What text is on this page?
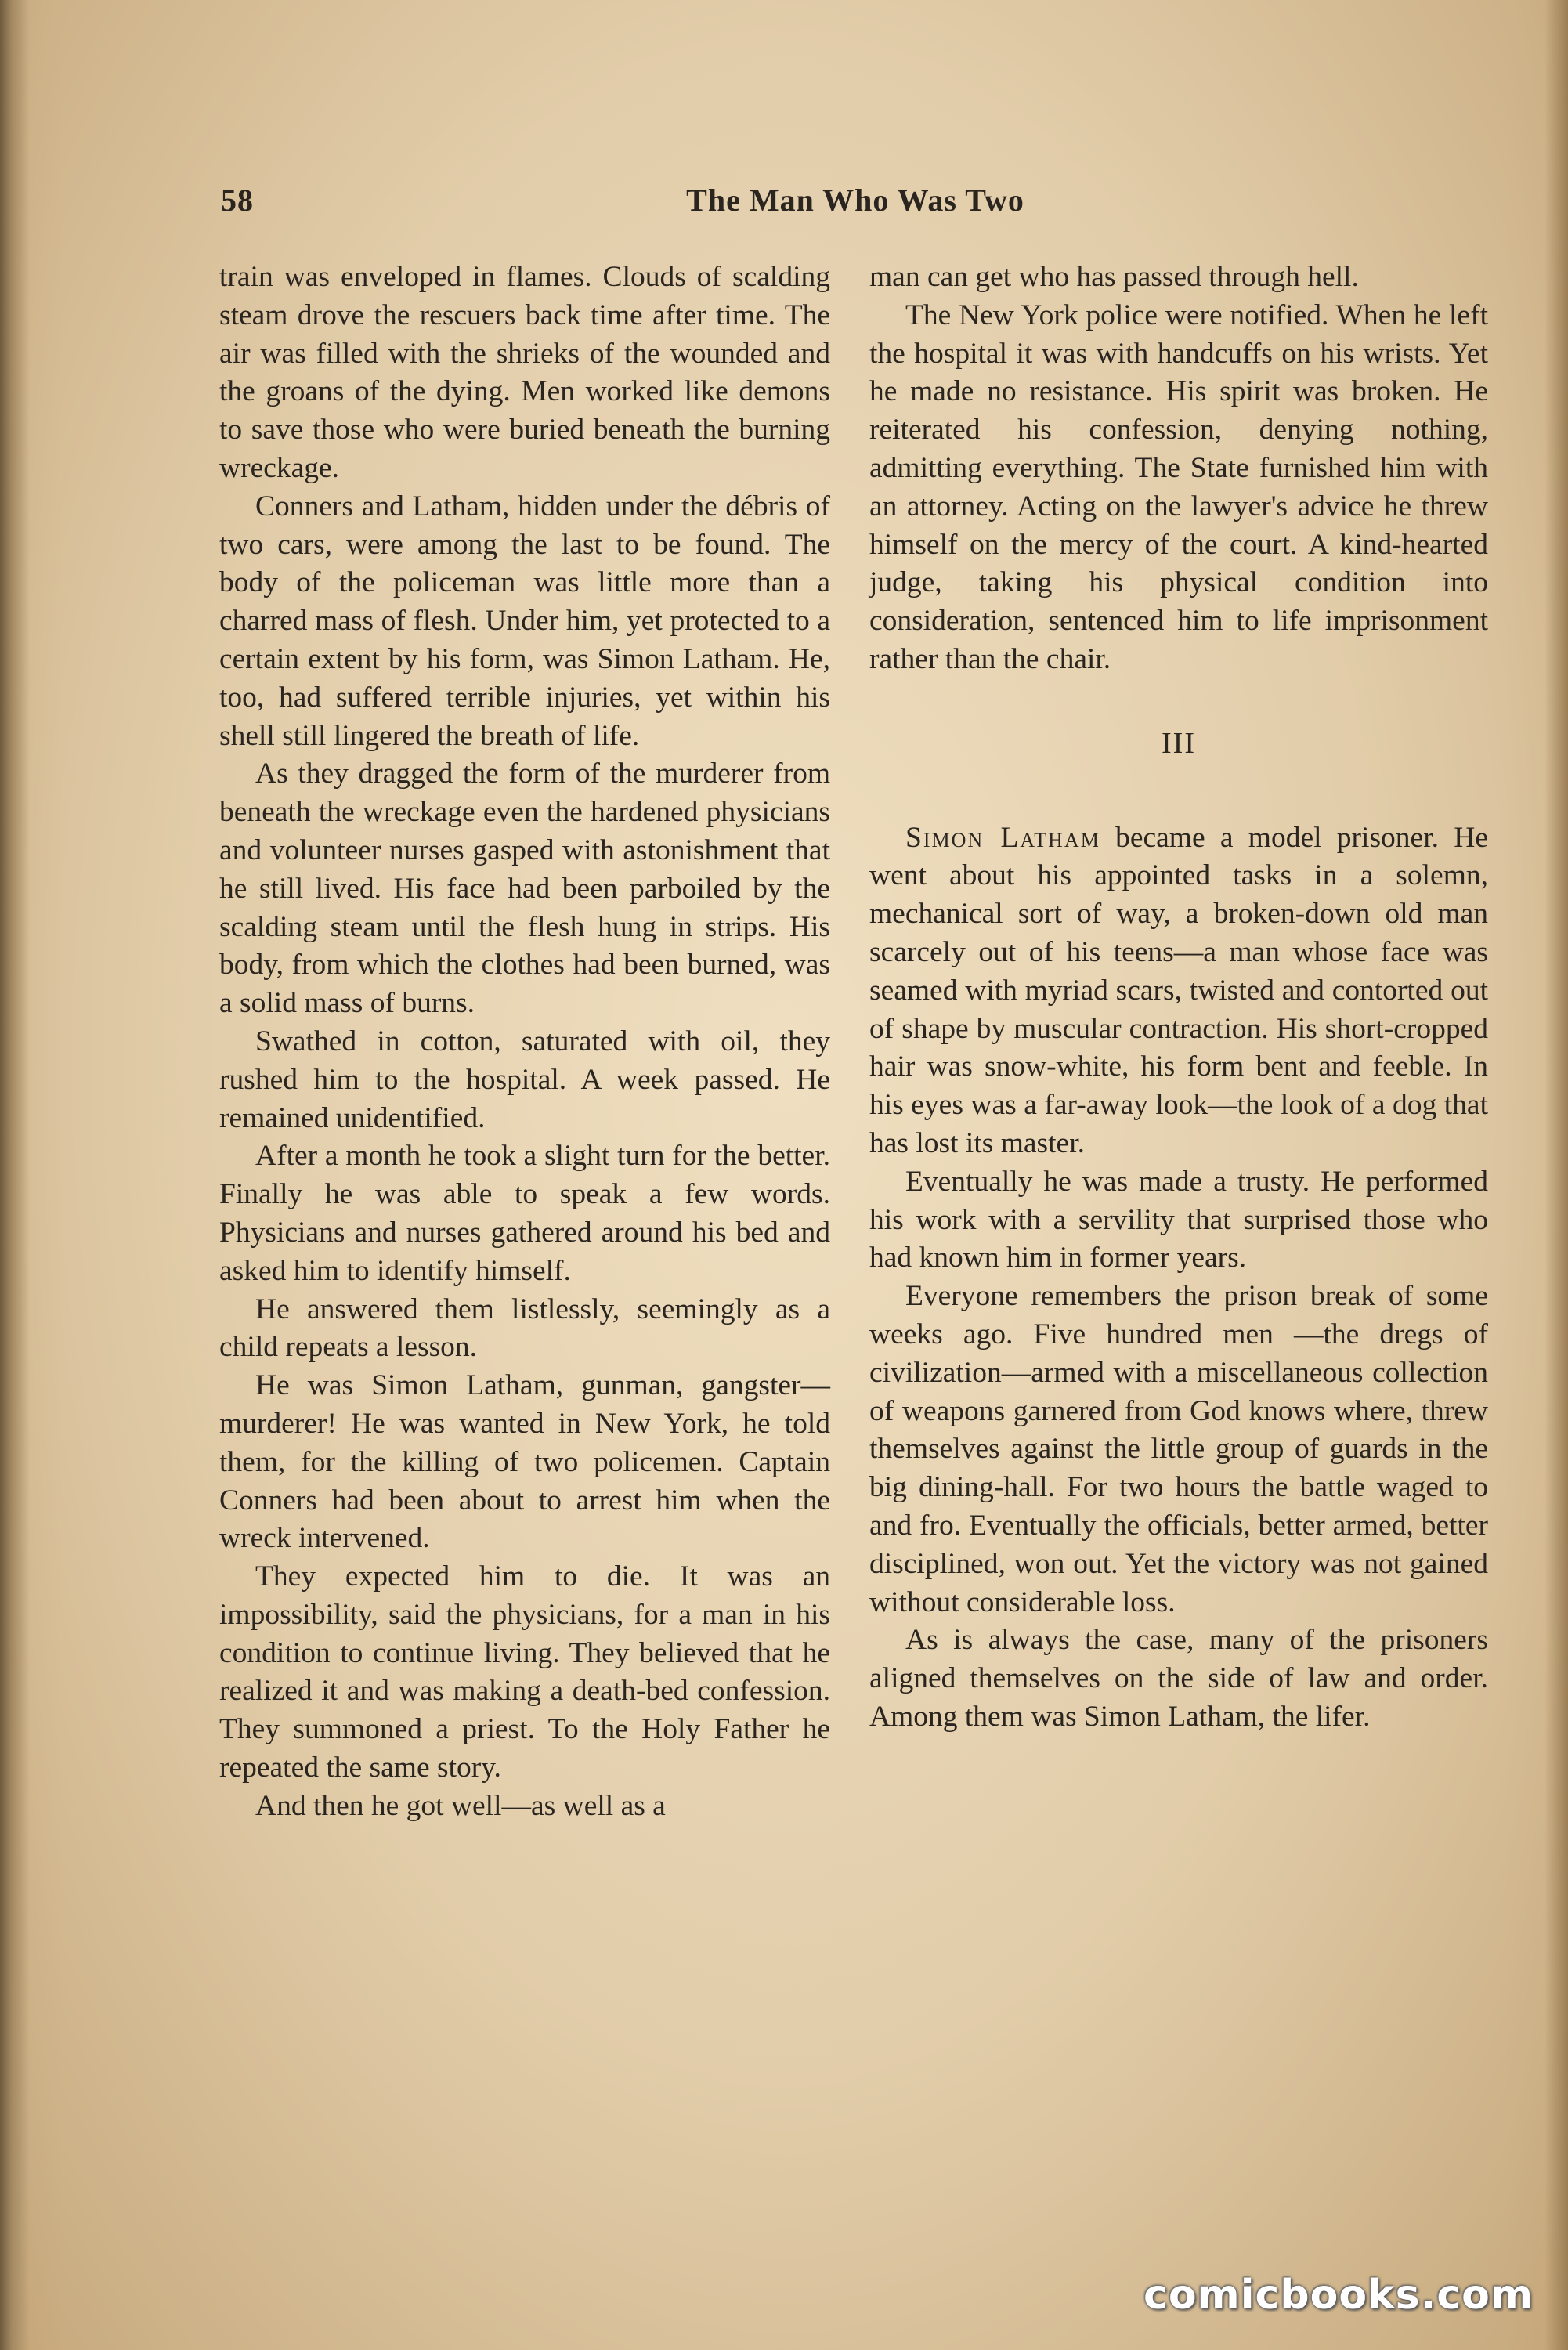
58	The Man Who Was Two

train was enveloped in flames. Clouds of scalding steam drove the rescuers back time after time. The air was filled with the shrieks of the wounded and the groans of the dying. Men worked like demons to save those who were buried beneath the burning wreckage.

Conners and Latham, hidden under the débris of two cars, were among the last to be found. The body of the policeman was little more than a charred mass of flesh. Under him, yet protected to a certain extent by his form, was Simon Latham. He, too, had suffered terrible injuries, yet within his shell still lingered the breath of life.

As they dragged the form of the murderer from beneath the wreckage even the hardened physicians and volunteer nurses gasped with astonishment that he still lived. His face had been parboiled by the scalding steam until the flesh hung in strips. His body, from which the clothes had been burned, was a solid mass of burns.

Swathed in cotton, saturated with oil, they rushed him to the hospital. A week passed. He remained unidentified.

After a month he took a slight turn for the better. Finally he was able to speak a few words. Physicians and nurses gathered around his bed and asked him to identify himself.

He answered them listlessly, seemingly as a child repeats a lesson.

He was Simon Latham, gunman, gangster—murderer! He was wanted in New York, he told them, for the killing of two policemen. Captain Conners had been about to arrest him when the wreck intervened.

They expected him to die. It was an impossibility, said the physicians, for a man in his condition to continue living. They believed that he realized it and was making a death-bed confession. They summoned a priest. To the Holy Father he repeated the same story.

And then he got well—as well as a

man can get who has passed through hell.

The New York police were notified. When he left the hospital it was with handcuffs on his wrists. Yet he made no resistance. His spirit was broken. He reiterated his confession, denying nothing, admitting everything. The State furnished him with an attorney. Acting on the lawyer's advice he threw himself on the mercy of the court. A kind-hearted judge, taking his physical condition into consideration, sentenced him to life imprisonment rather than the chair.

III

Simon Latham became a model prisoner. He went about his appointed tasks in a solemn, mechanical sort of way, a broken-down old man scarcely out of his teens—a man whose face was seamed with myriad scars, twisted and contorted out of shape by muscular contraction. His short-cropped hair was snow-white, his form bent and feeble. In his eyes was a far-away look—the look of a dog that has lost its master.

Eventually he was made a trusty. He performed his work with a servility that surprised those who had known him in former years.

Everyone remembers the prison break of some weeks ago. Five hundred men —the dregs of civilization—armed with a miscellaneous collection of weapons garnered from God knows where, threw themselves against the little group of guards in the big dining-hall. For two hours the battle waged to and fro. Eventually the officials, better armed, better disciplined, won out. Yet the victory was not gained without considerable loss.

As is always the case, many of the prisoners aligned themselves on the side of law and order. Among them was Simon Latham, the lifer.

comicbooks.com
